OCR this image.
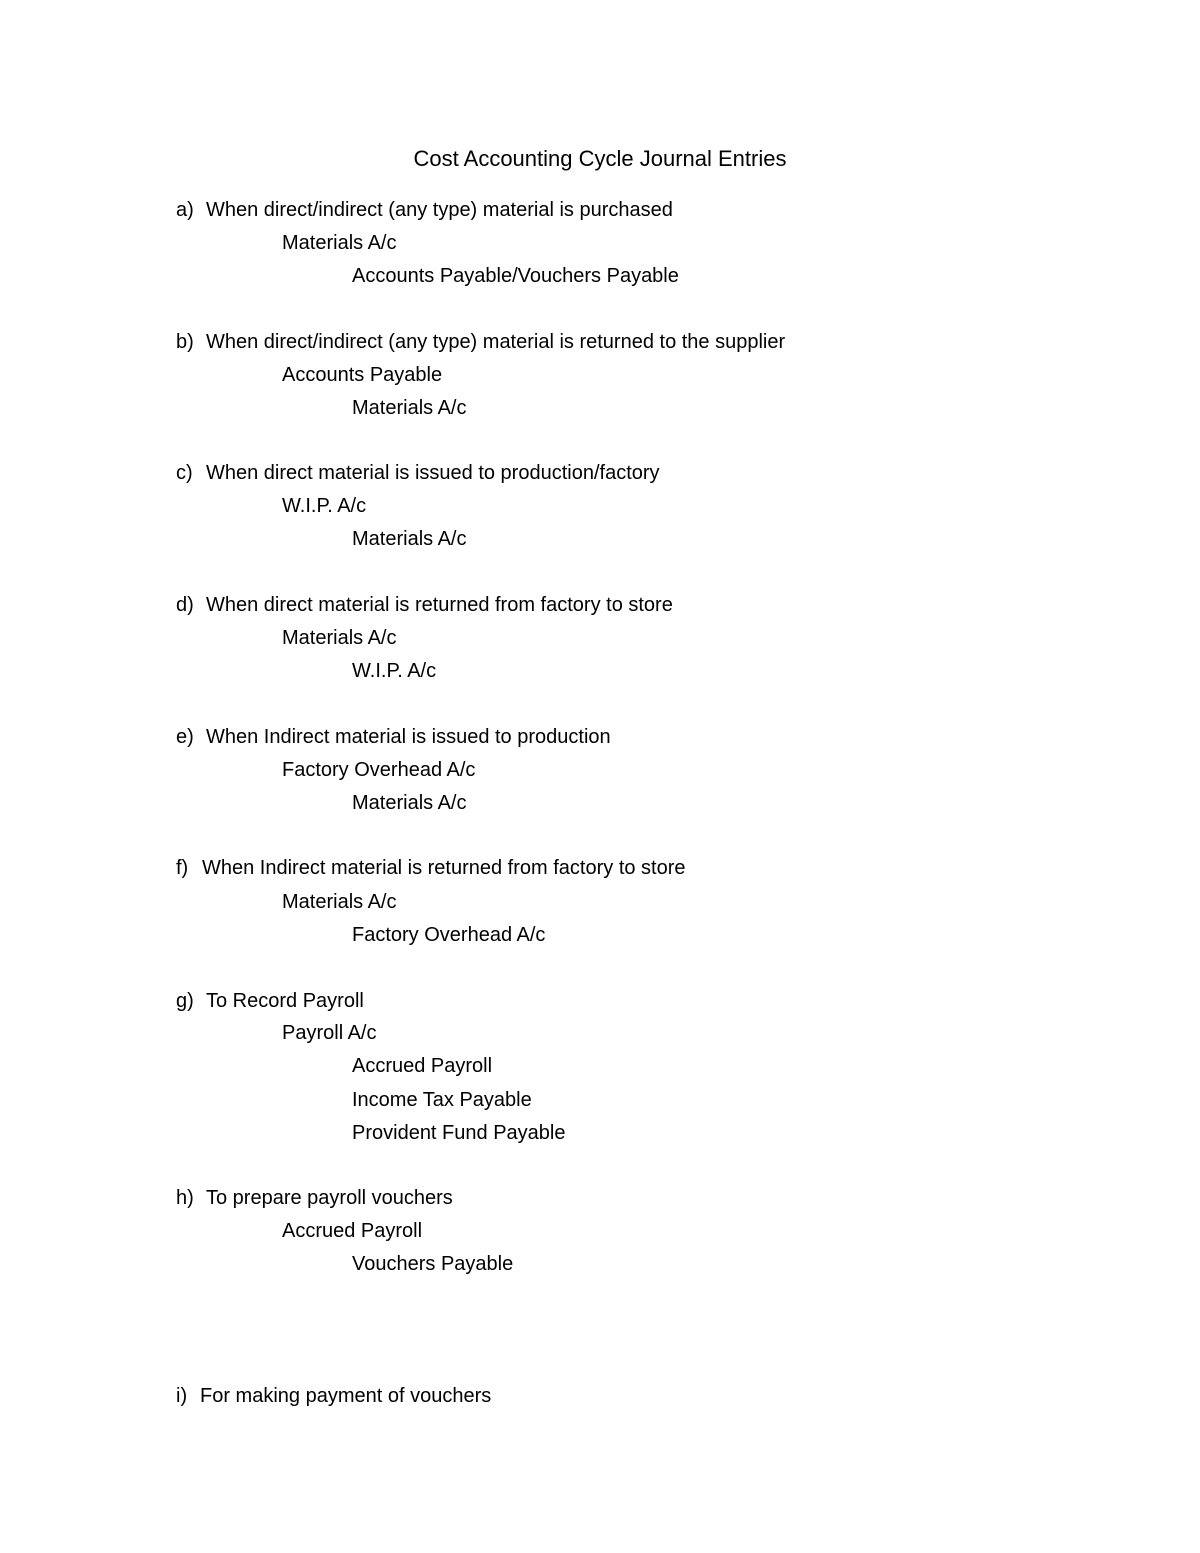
Cost Accounting Cycle Journal Entries
a) When direct/indirect (any type) material is purchased
Materials A/c
Accounts Payable/Vouchers Payable
b) When direct/indirect (any type) material is returned to the supplier
Accounts Payable
Materials A/c
c) When direct material is issued to production/factory
W.I.P. A/c
Materials A/c
d) When direct material is returned from factory to store
Materials A/c
W.I.P. A/c
e) When Indirect material is issued to production
Factory Overhead A/c
Materials A/c
f) When Indirect material is returned from factory to store
Materials A/c
Factory Overhead A/c
g) To Record Payroll
Payroll A/c
Accrued Payroll
Income Tax Payable
Provident Fund Payable
h) To prepare payroll vouchers
Accrued Payroll
Vouchers Payable
i) For making payment of vouchers
